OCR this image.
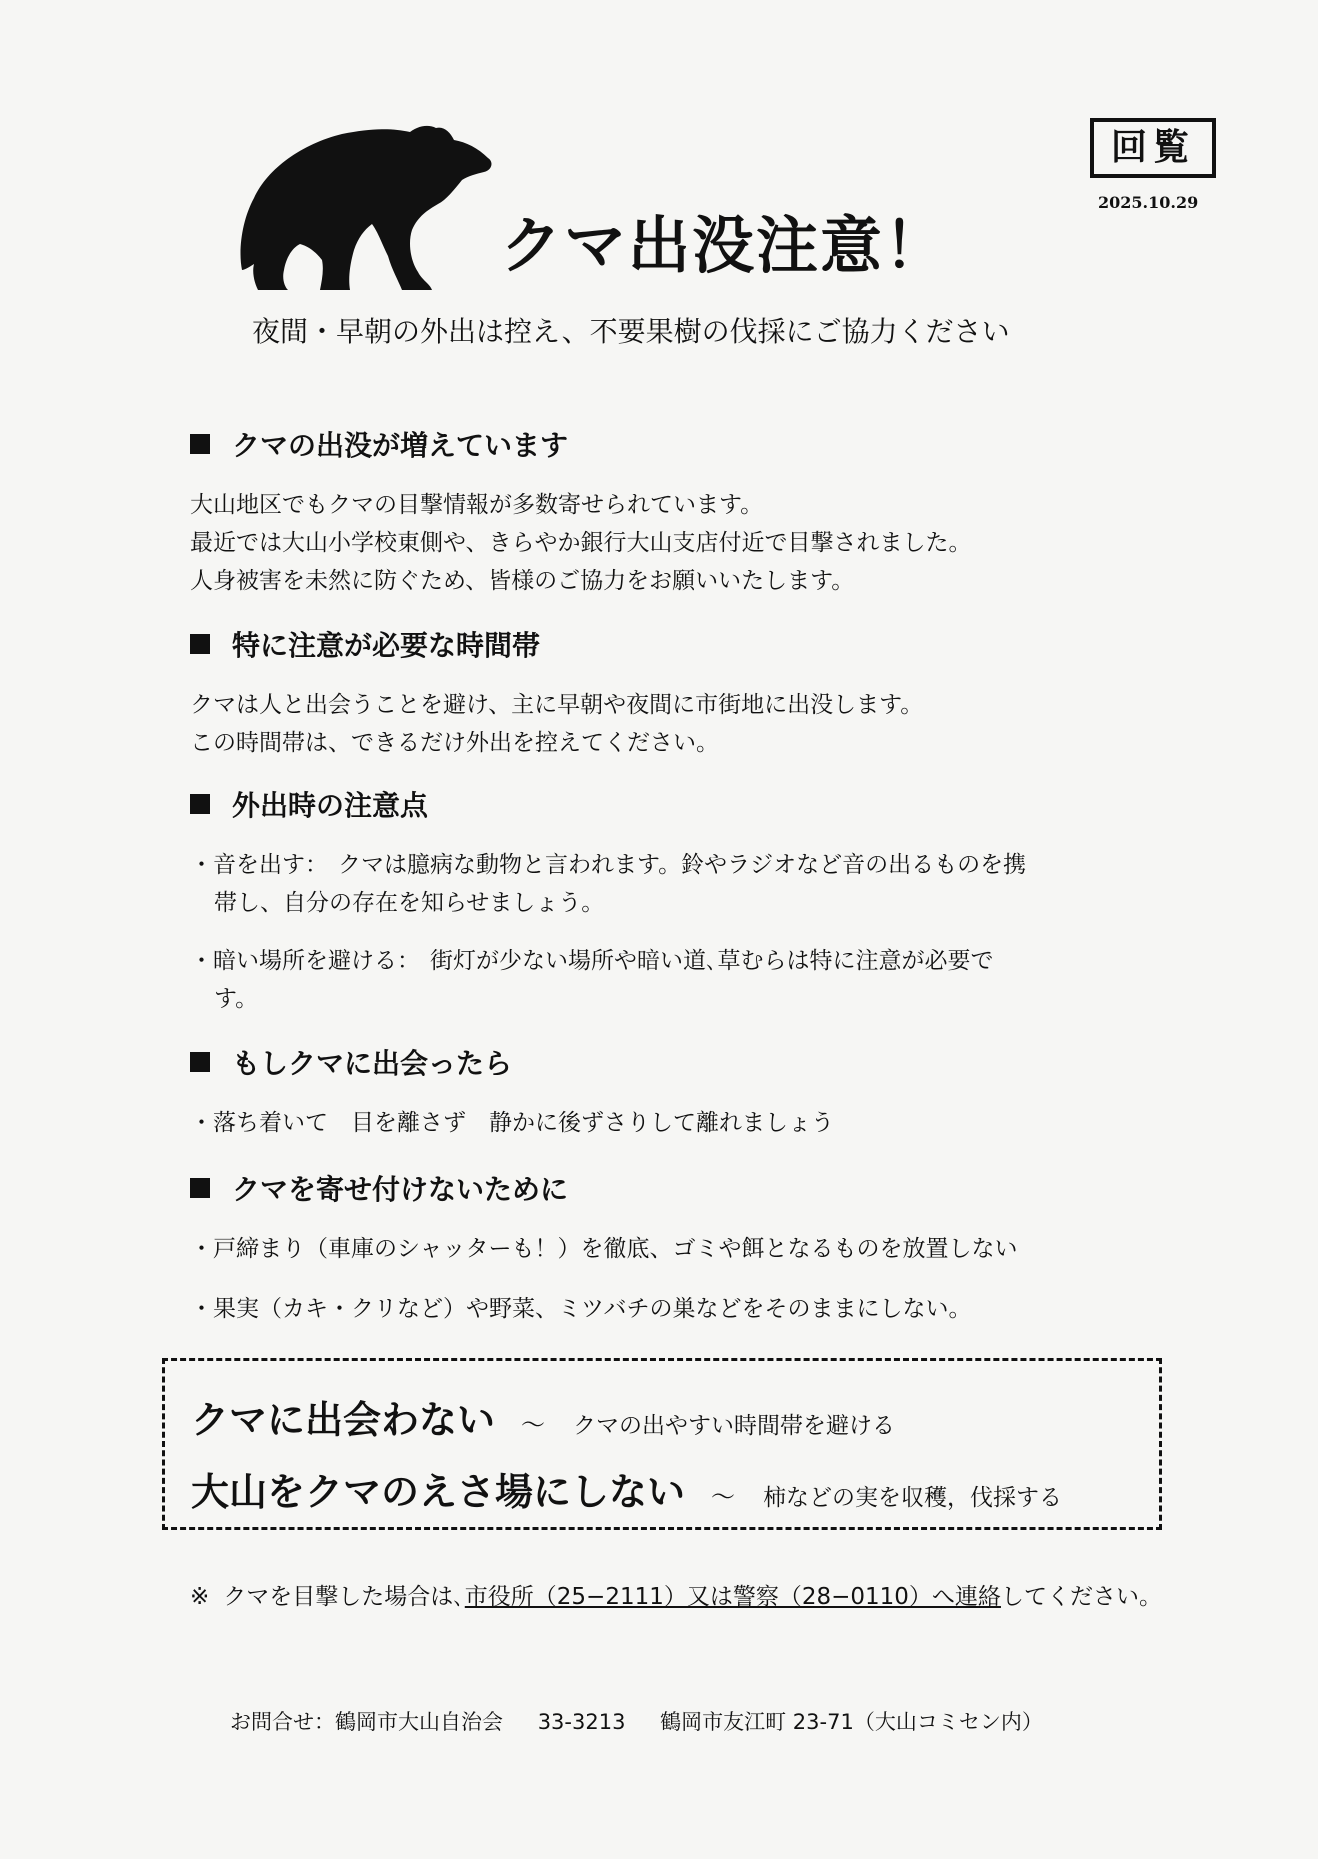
クマ出没注意！
回覧
2025.10.29
夜間・早朝の外出は控え、不要果樹の伐採にご協力ください
クマの出没が増えています
大山地区でもクマの目撃情報が多数寄せられています。
最近では大山小学校東側や、きらやか銀行大山支店付近で目撃されました。
人身被害を未然に防ぐため、皆様のご協力をお願いいたします。
特に注意が必要な時間帯
クマは人と出会うことを避け、主に早朝や夜間に市街地に出没します。
この時間帯は、できるだけ外出を控えてください。
外出時の注意点
・音を出す： クマは臆病な動物と言われます。鈴やラジオなど音の出るものを携
帯し、自分の存在を知らせましょう。
・暗い場所を避ける： 街灯が少ない場所や暗い道､草むらは特に注意が必要で
す。
もしクマに出会ったら
・落ち着いて　目を離さず　静かに後ずさりして離れましょう
クマを寄せ付けないために
・戸締まり（車庫のシャッターも！）を徹底、ゴミや餌となるものを放置しない
・果実（カキ・クリなど）や野菜、ミツバチの巣などをそのままにしない。
クマに出会わない ～ クマの出やすい時間帯を避ける
大山をクマのえさ場にしない ～ 柿などの実を収穫，伐採する
※ クマを目撃した場合は､市役所（25−2111）又は警察（28−0110）へ連絡してください。
お問合せ：鶴岡市大山自治会 33-3213 鶴岡市友江町 23-71（大山コミセン内）
